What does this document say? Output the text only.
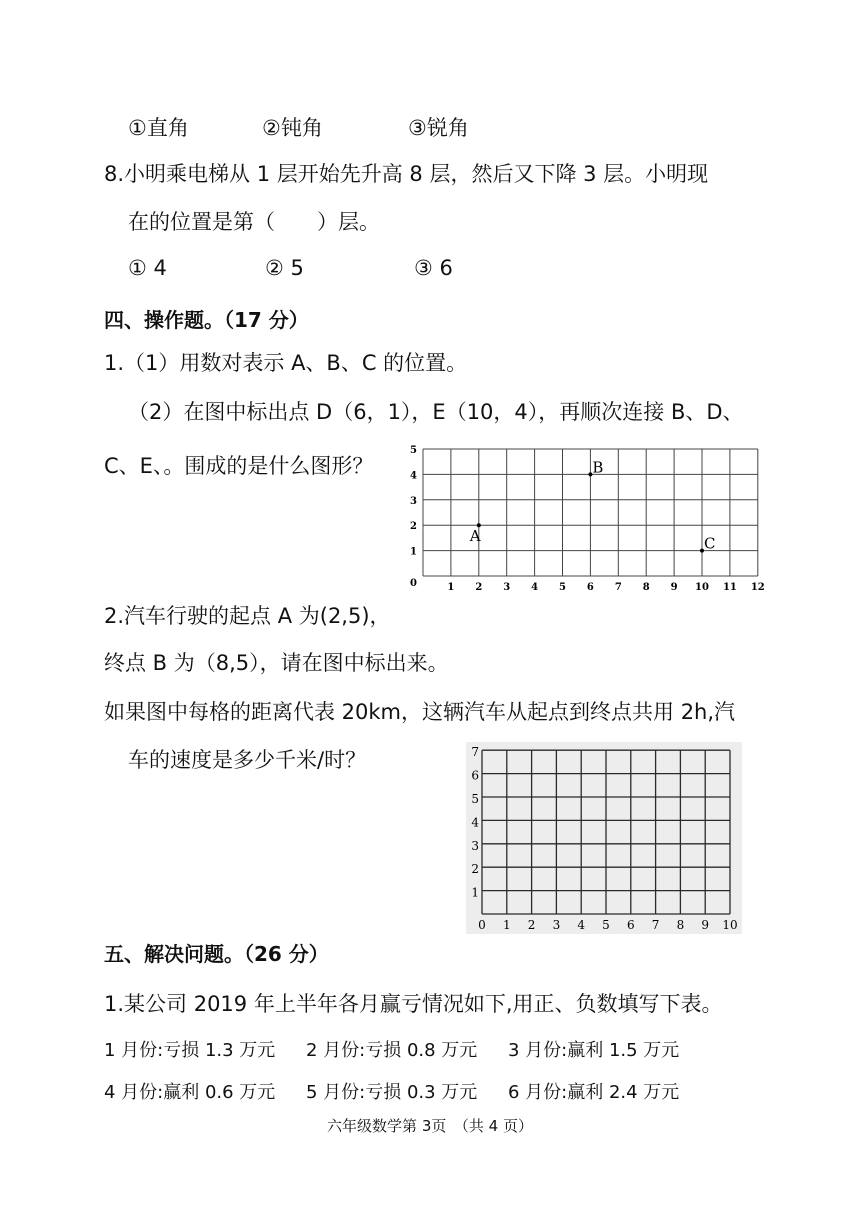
①直角	②钝角	③锐角
8.小明乘电梯从 1 层开始先升高 8 层，然后又下降 3 层。小明现
在的位置是第（　　）层。
① 4	② 5	③ 6
四、操作题。（17 分）
1.（1）用数对表示 A、B、C 的位置。
（2）在图中标出点 D（6，1），E（10，4），再顺次连接 B、D、
C、E、。围成的是什么图形？
1 2 3 4 5 6 7 8 9 10 11 12
0
1
2
3
4
5
A
B
C
2.汽车行驶的起点 A 为(2,5)，
终点 B 为（8,5），请在图中标出来。
如果图中每格的距离代表 20km，这辆汽车从起点到终点共用 2h,汽
车的速度是多少千米/时？
0 1 2 3 4 5 6 7 8 9 10
1
2
3
4
5
6
7
五、解决问题。（26 分）
1.某公司 2019 年上半年各月赢亏情况如下,用正、负数填写下表。
1 月份:亏损 1.3 万元 2 月份:亏损 0.8 万元 3 月份:赢利 1.5 万元
4 月份:赢利 0.6 万元 5 月份:亏损 0.3 万元 6 月份:赢利 2.4 万元
六年级数学第 3页　（共 4 页）
